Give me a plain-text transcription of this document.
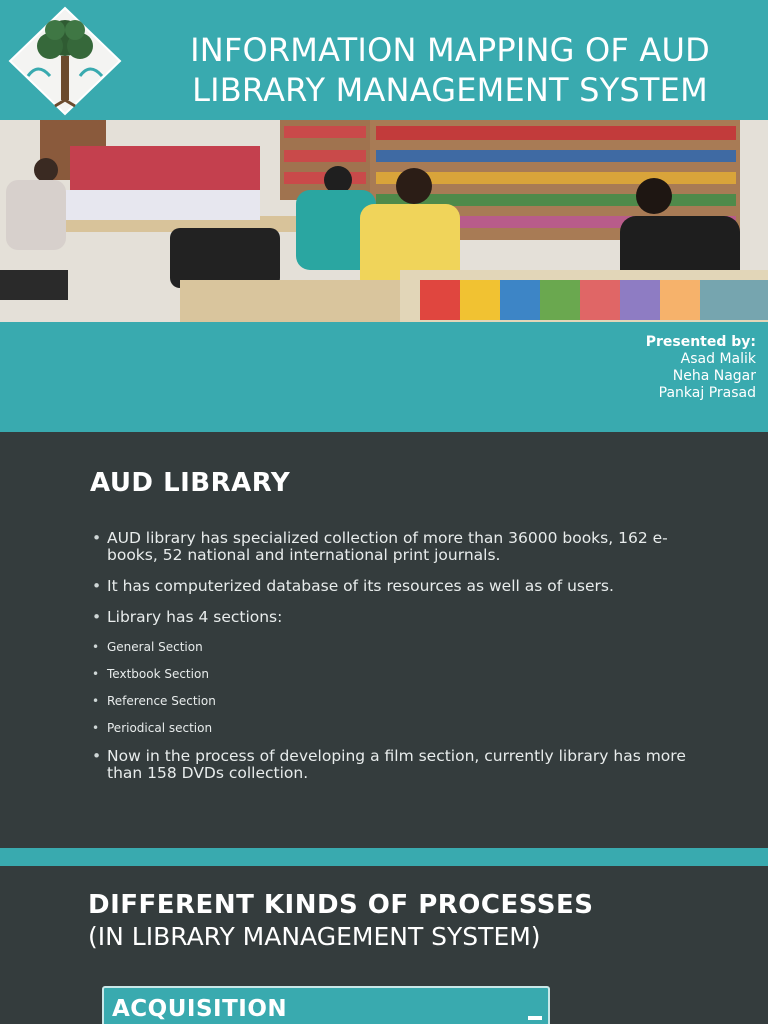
INFORMATION MAPPING OF AUD
LIBRARY MANAGEMENT SYSTEM
Presented by:
Asad Malik
Neha Nagar
Pankaj Prasad
AUD LIBRARY
• AUD library has specialized collection of more than 36000 books, 162 e-books, 52 national and international print journals.
• It has computerized database of its resources as well as of users.
• Library has 4 sections:
• General Section
• Textbook Section
• Reference Section
• Periodical section
• Now in the process of developing a film section, currently library has more than 158 DVDs collection.
DIFFERENT KINDS OF PROCESSES
(IN LIBRARY MANAGEMENT SYSTEM)
ACQUISITION
